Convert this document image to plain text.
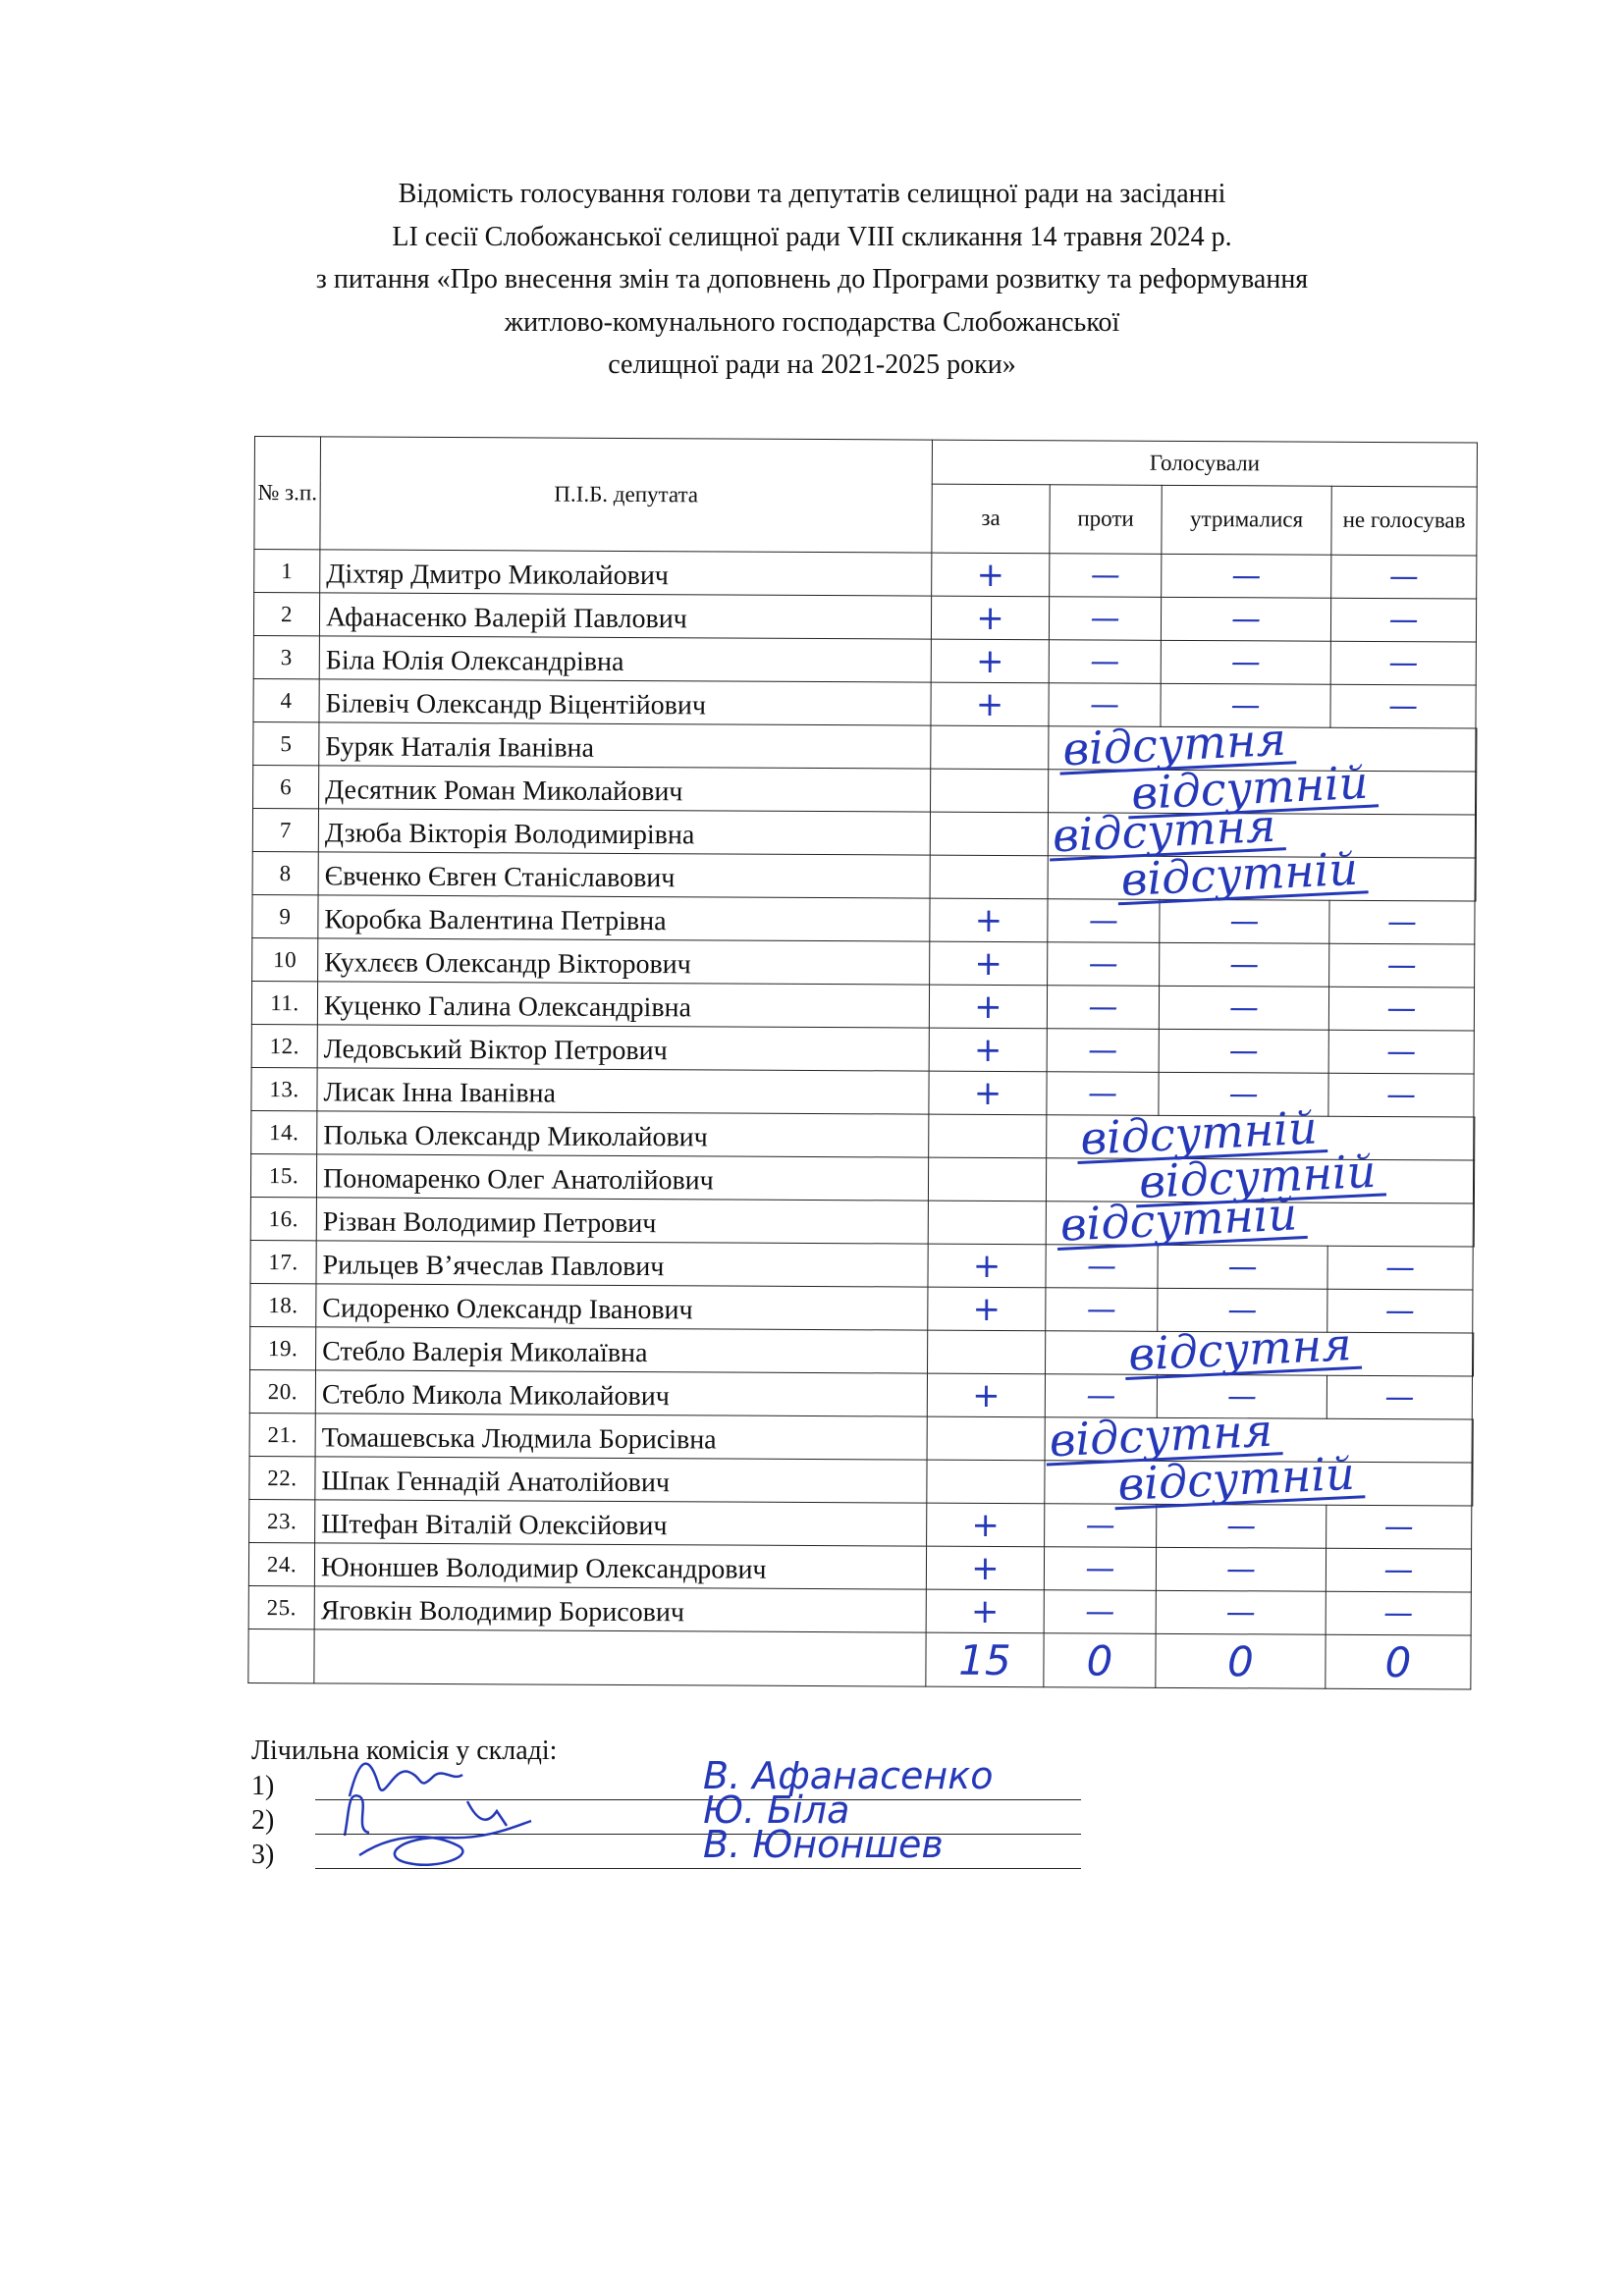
Відомість голосування голови та депутатів селищної ради на засіданні
LI сесії Слобожанської селищної ради VIII скликання 14 травня 2024 р.
з питання «Про внесення змін та доповнень до Програми розвитку та реформування
житлово-комунального господарства Слобожанської
селищної ради на 2021-2025 роки»
№ з.п.	П.І.Б. депутата	Голосували				
		за	проти	утрималися	не голосував	
1	Діхтяр Дмитро Миколайович	+	—	—	—	
2	Афанасенко Валерій Павлович	+	—	—	—	
3	Біла Юлія Олександрівна	+	—	—	—	
4	Білевіч Олександр Віцентійович	+	—	—	—	
5	Буряк Наталія Іванівна		відсутня			

6	Десятник Роман Миколайович		відсутній			

7	Дзюба Вікторія Володимирівна		відсутня			

8	Євченко Євген Станіславович		відсутній			

9	Коробка Валентина Петрівна	+	—	—	—	
10	Кухлєєв Олександр Вікторович	+	—	—	—	
11.	Куценко Галина Олександрівна	+	—	—	—	
12.	Ледовський Віктор Петрович	+	—	—	—	
13.	Лисак Інна Іванівна	+	—	—	—	
14.	Полька Олександр Миколайович		відсутній			

15.	Пономаренко Олег Анатолійович		відсутній			

16.	Різван Володимир Петрович		відсутній			

17.	Рильцев В’ячеслав Павлович	+	—	—	—	
18.	Сидоренко Олександр Іванович	+	—	—	—	
19.	Стебло Валерія Миколаївна		відсутня			

20.	Стебло Микола Миколайович	+	—	—	—	
21.	Томашевська Людмила Борисівна		відсутня			

22.	Шпак Геннадій Анатолійович		відсутній			

23.	Штефан Віталій Олексійович	+	—	—	—	
24.	Юноншев Володимир Олександрович	+	—	—	—	
25.	Яговкін Володимир Борисович	+	—	—	—	
		15	0	0	0	
Лічильна комісія у складі:
1)	В. Афанасенко
2)	Ю. Біла
3)	В. Юноншев
